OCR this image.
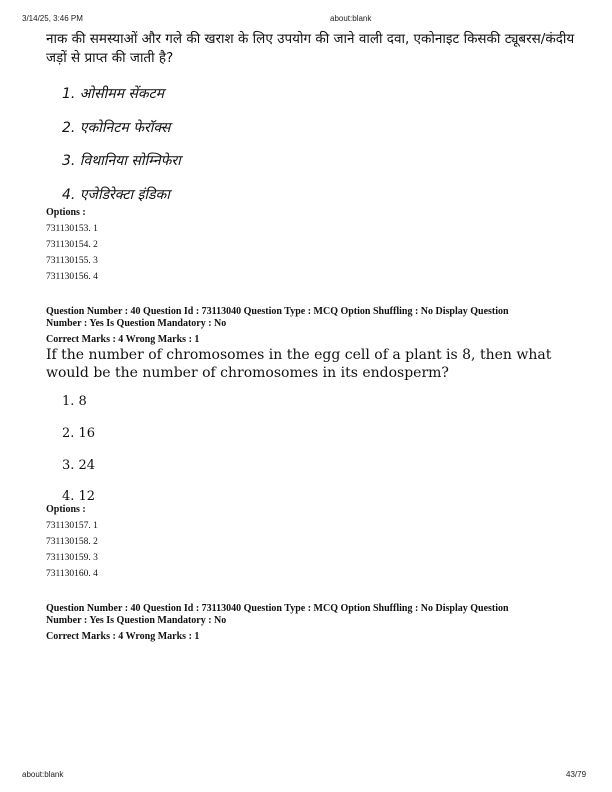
3/14/25, 3:46 PM	about:blank
नाक की समस्याओं और गले की खराश के लिए उपयोग की जाने वाली दवा, एकोनाइट किसकी ट्यूबरस/कंदीय जड़ों से प्राप्त की जाती है?
1. ओसीमम सेंकटम
2. एकोनिटम फेरॉक्स
3. विथानिया सोम्निफेरा
4. एजेडिरेक्टा इंडिका
Options :
731130153. 1
731130154. 2
731130155. 3
731130156. 4
Question Number : 40 Question Id : 73113040 Question Type : MCQ Option Shuffling : No Display Question
Number : Yes Is Question Mandatory : No
Correct Marks : 4 Wrong Marks : 1
If the number of chromosomes in the egg cell of a plant is 8, then what would be the number of chromosomes in its endosperm?
1. 8
2. 16
3. 24
4. 12
Options :
731130157. 1
731130158. 2
731130159. 3
731130160. 4
Question Number : 40 Question Id : 73113040 Question Type : MCQ Option Shuffling : No Display Question
Number : Yes Is Question Mandatory : No
Correct Marks : 4 Wrong Marks : 1
about:blank	43/79
